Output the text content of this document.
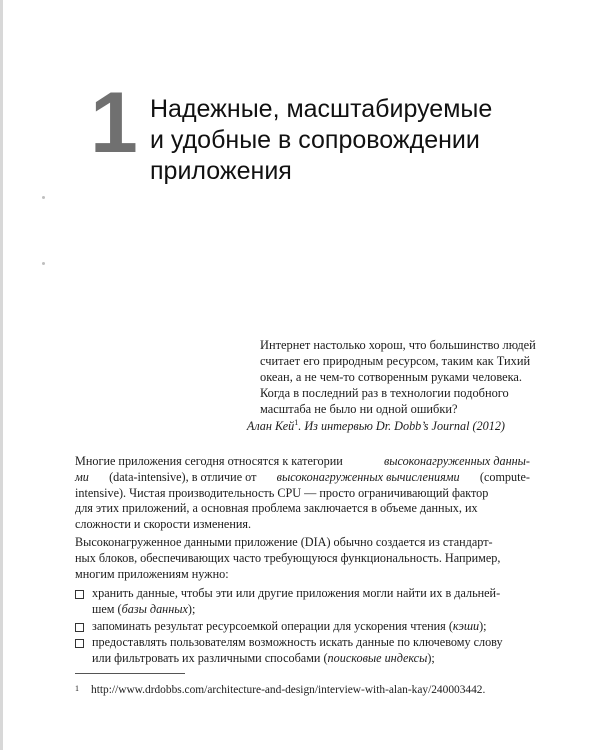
1 Надежные, масштабируемые
и удобные в сопровождении
приложения
Интернет настолько хорош, что большинство людей
считает его природным ресурсом, таким как Тихий
океан, а не чем-то сотворенным руками человека.
Когда в последний раз в технологии подобного
масштаба не было ни одной ошибки?
Алан Кей$^1$. Из интервью Dr. Dobb’s Journal (2012)
Многие приложения сегодня относятся к категории	высоконагруженных данны-
ми (data-intensive), в отличие от высоконагруженных вычислениями (compute-
intensive). Чистая производительность CPU — просто ограничивающий фактор
для этих приложений, а основная проблема заключается в объеме данных, их
сложности и скорости изменения.
Высоконагруженное данными приложение (DIA) обычно создается из стандарт-
ных блоков, обеспечивающих часто требующуюся функциональность. Например,
многим приложениям нужно:
хранить данные, чтобы эти или другие приложения могли найти их в дальней-
шем ( базы данных );
запоминать результат ресурсоемкой операции для ускорения чтения ( кэши );
предоставлять пользователям возможность искать данные по ключевому слову
или фильтровать их различными способами ( поисковые индексы );
$^1$ http://www.drdobbs.com/architecture-and-design/interview-with-alan-kay/240003442.
